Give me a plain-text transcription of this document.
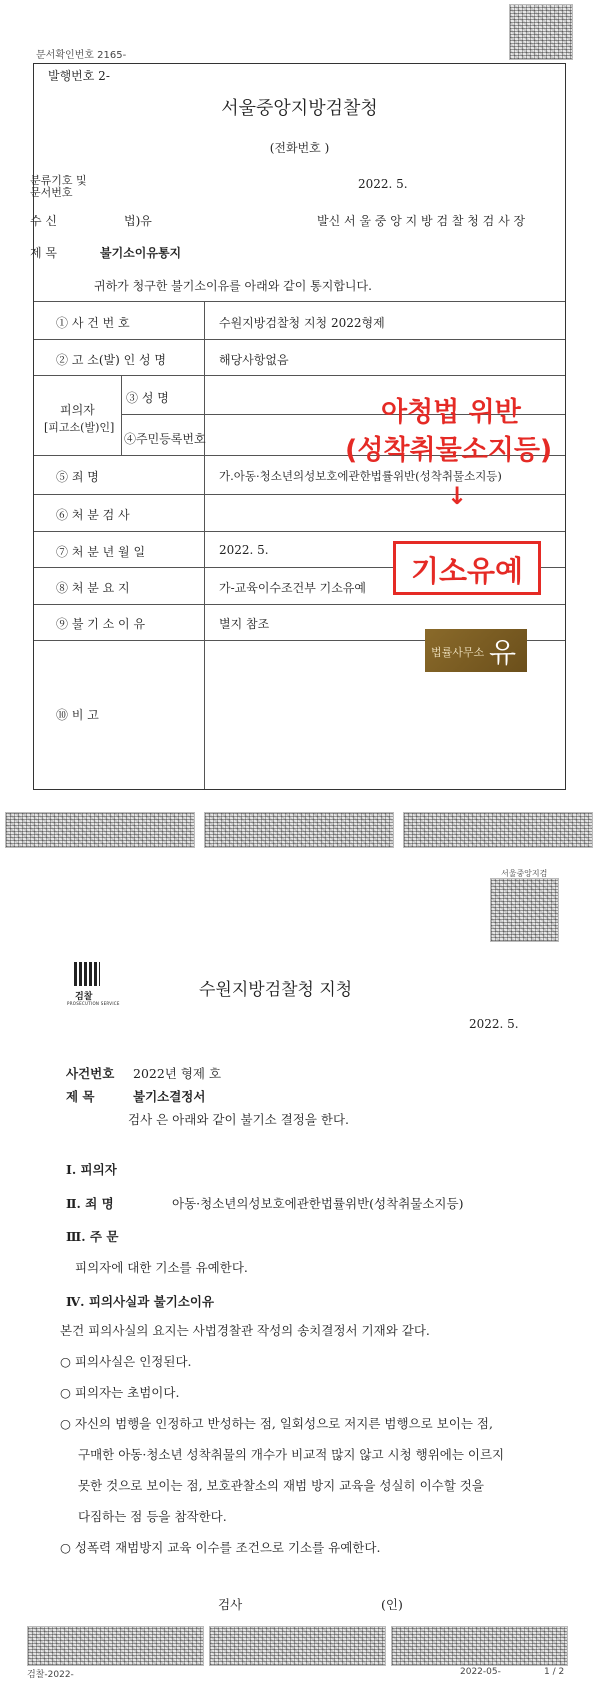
문서확인번호 2165-
발행번호 2-
서울중앙지방검찰청
(전화번호 )
분류기호 및
문서번호
2022. 5.
수 신	법)유	발신 서 울 중 앙 지 방 검 찰 청 검 사 장
제 목	불기소이유통지
귀하가 청구한 불기소이유를 아래와 같이 통지합니다.
① 사 건 번 호	수원지방검찰청 지청 2022형제
② 고 소(발) 인 성 명	해당사항없음
피의자
[피고소(발)인]
③ 성 명
④주민등록번호
⑤ 죄 명	가.아동·청소년의성보호에관한법률위반(성착취물소지등)
⑥ 처 분 검 사
⑦ 처 분 년 월 일	2022. 5.
⑧ 처 분 요 지	가-교육이수조건부 기소유예
⑨ 불 기 소 이 유	별지 참조
⑩ 비 고
아청법 위반
(성착취물소지등)
↓
기소유예
법률사무소 유
서울중앙지검
검찰
PROSECUTION SERVICE
수원지방검찰청 지청
2022. 5.
사건번호 2022년 형제 호
제 목	불기소결정서
검사 은 아래와 같이 불기소 결정을 한다.
Ⅰ. 피의자
Ⅱ. 죄 명	아동·청소년의성보호에관한법률위반(성착취물소지등)
Ⅲ. 주 문
피의자에 대한 기소를 유예한다.
Ⅳ. 피의사실과 불기소이유
본건 피의사실의 요지는 사법경찰관 작성의 송치결정서 기재와 같다.
○ 피의사실은 인정된다.
○ 피의자는 초범이다.
○ 자신의 범행을 인정하고 반성하는 점, 일회성으로 저지른 범행으로 보이는 점,
구매한 아동·청소년 성착취물의 개수가 비교적 많지 않고 시청 행위에는 이르지
못한 것으로 보이는 점, 보호관찰소의 재범 방지 교육을 성실히 이수할 것을
다짐하는 점 등을 참작한다.
○ 성폭력 재범방지 교육 이수를 조건으로 기소를 유예한다.
검사	(인)
검찰-2022-	2022-05-	1 / 2
